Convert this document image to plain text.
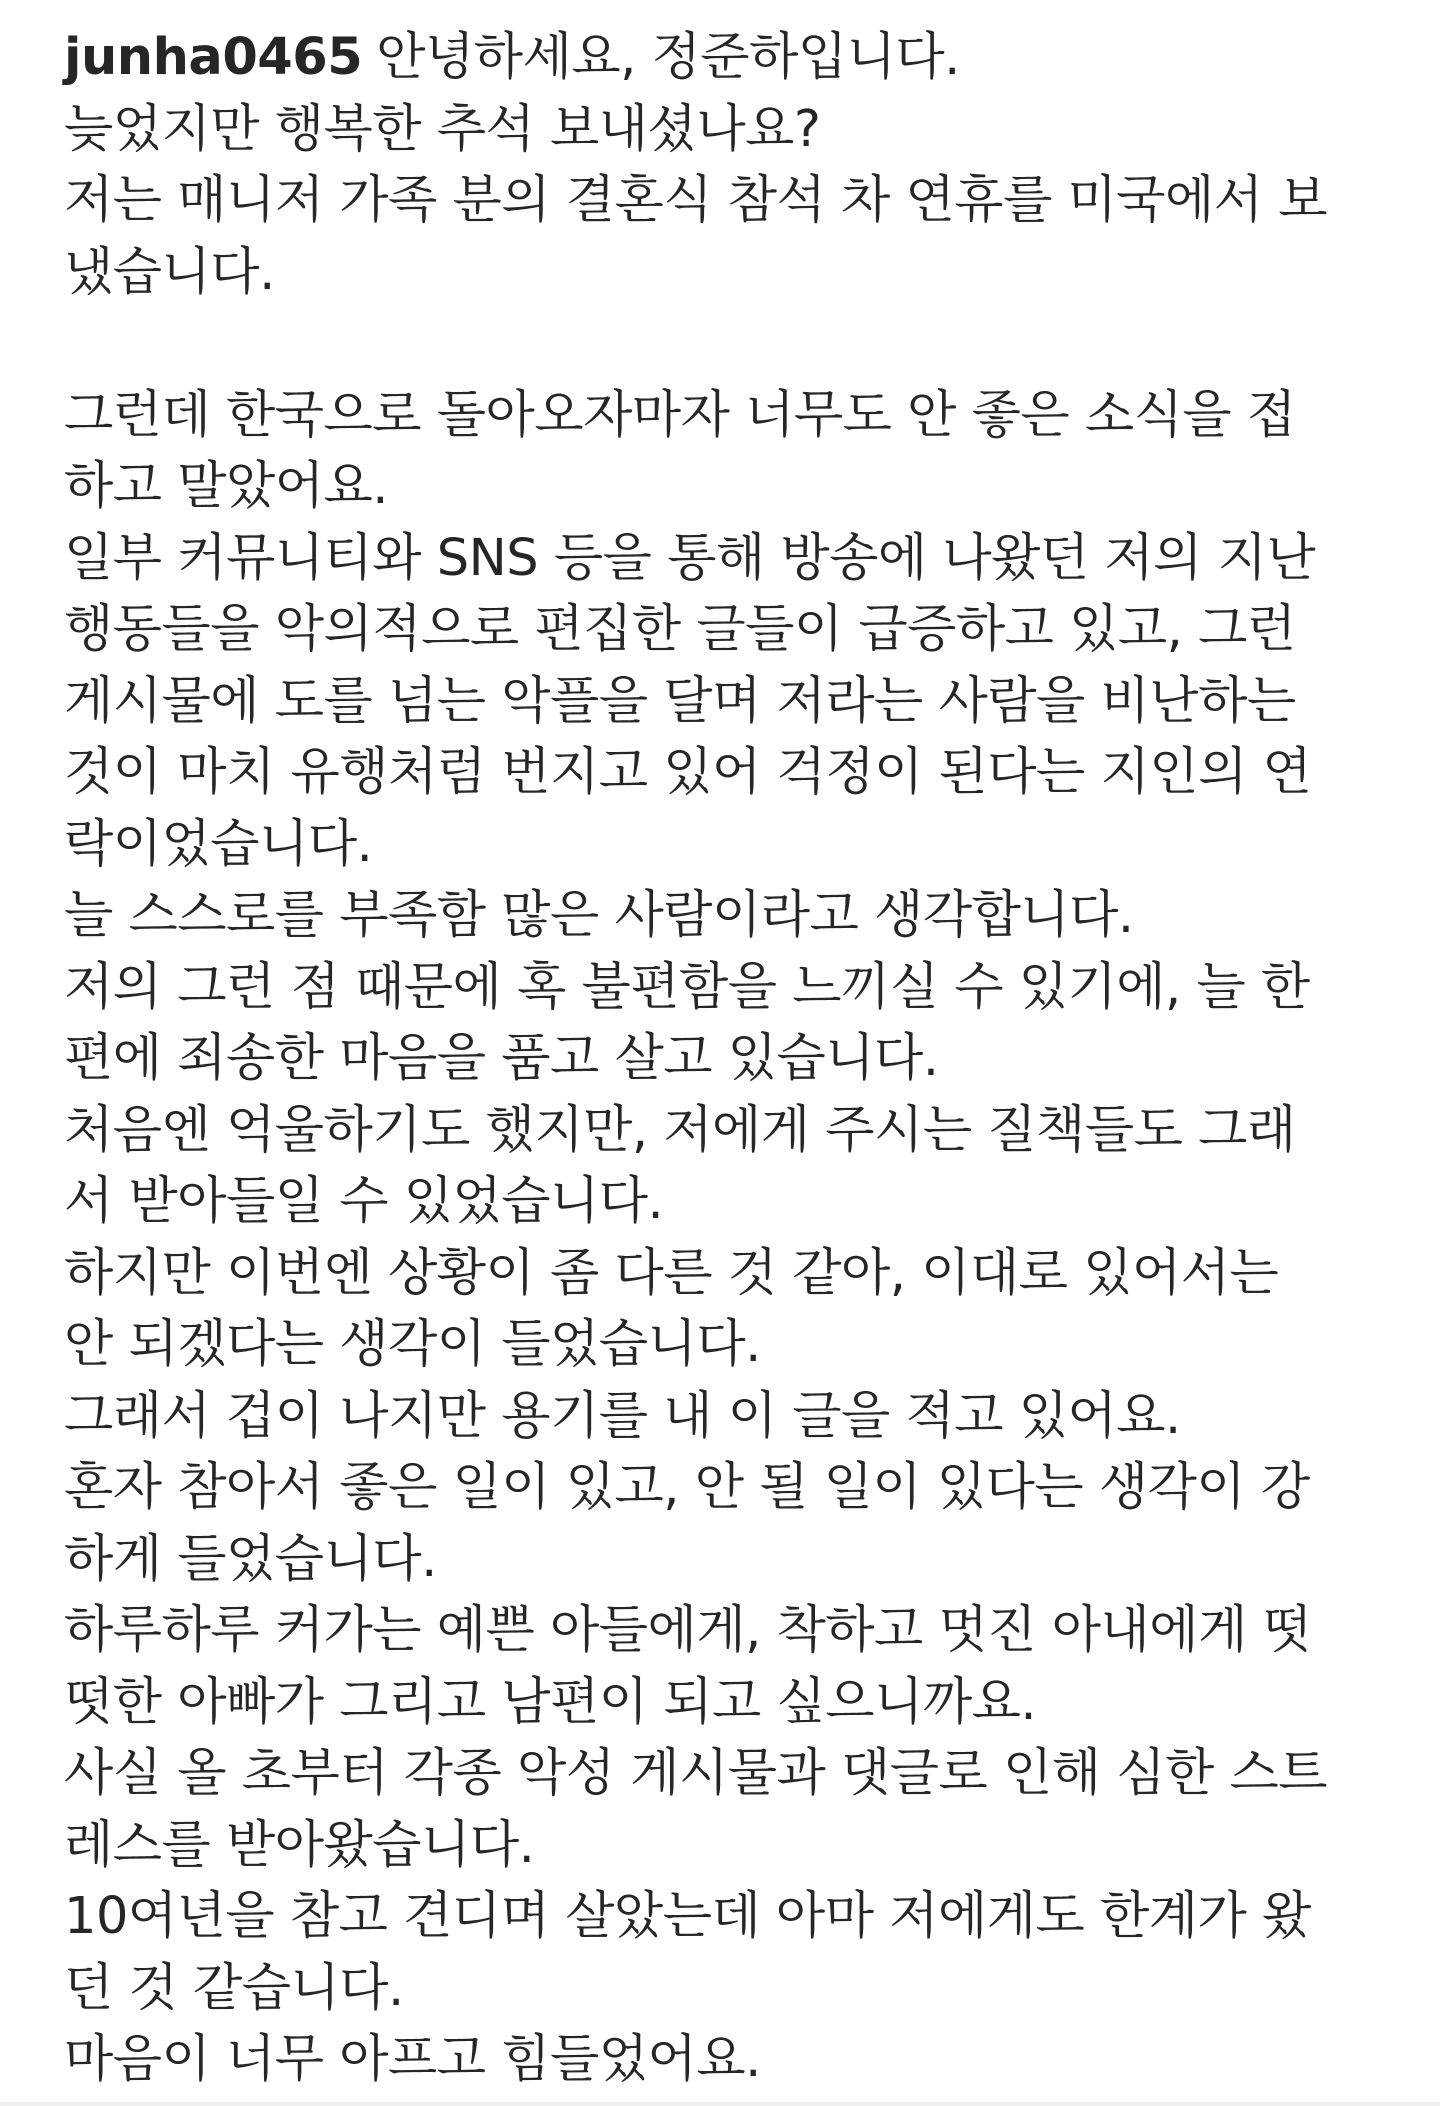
junha0465 안녕하세요, 정준하입니다.
늦었지만 행복한 추석 보내셨나요?
저는 매니저 가족 분의 결혼식 참석 차 연휴를 미국에서 보
냈습니다.
그런데 한국으로 돌아오자마자 너무도 안 좋은 소식을 접
하고 말았어요.
일부 커뮤니티와 SNS 등을 통해 방송에 나왔던 저의 지난
행동들을 악의적으로 편집한 글들이 급증하고 있고, 그런
게시물에 도를 넘는 악플을 달며 저라는 사람을 비난하는
것이 마치 유행처럼 번지고 있어 걱정이 된다는 지인의 연
락이었습니다.
늘 스스로를 부족함 많은 사람이라고 생각합니다.
저의 그런 점 때문에 혹 불편함을 느끼실 수 있기에, 늘 한
편에 죄송한 마음을 품고 살고 있습니다.
처음엔 억울하기도 했지만, 저에게 주시는 질책들도 그래
서 받아들일 수 있었습니다.
하지만 이번엔 상황이 좀 다른 것 같아, 이대로 있어서는
안 되겠다는 생각이 들었습니다.
그래서 겁이 나지만 용기를 내 이 글을 적고 있어요.
혼자 참아서 좋은 일이 있고, 안 될 일이 있다는 생각이 강
하게 들었습니다.
하루하루 커가는 예쁜 아들에게, 착하고 멋진 아내에게 떳
떳한 아빠가 그리고 남편이 되고 싶으니까요.
사실 올 초부터 각종 악성 게시물과 댓글로 인해 심한 스트
레스를 받아왔습니다.
10여년을 참고 견디며 살았는데 아마 저에게도 한계가 왔
던 것 같습니다.
마음이 너무 아프고 힘들었어요.
